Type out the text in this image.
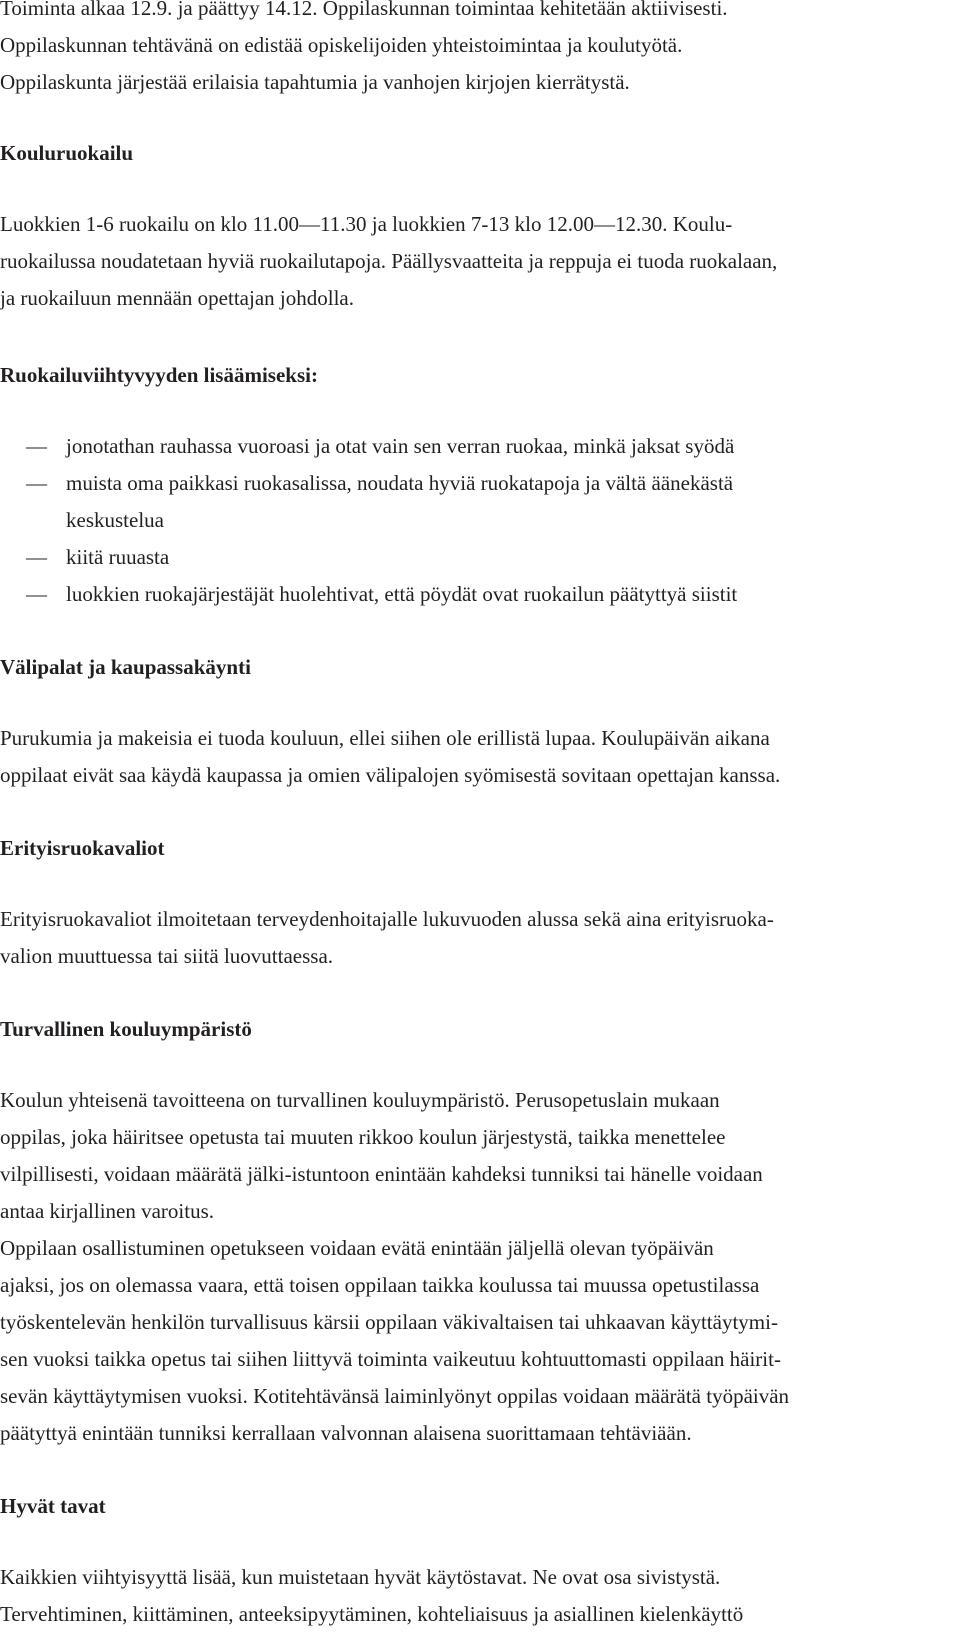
Toiminta alkaa 12.9. ja päättyy 14.12. Oppilaskunnan toimintaa kehitetään aktiivisesti.
Oppilaskunnan tehtävänä on edistää opiskelijoiden yhteistoimintaa ja koulutyötä.
Oppilaskunta järjestää erilaisia tapahtumia ja vanhojen kirjojen kierrätystä.

Kouluruokailu

Luokkien 1-6 ruokailu on klo 11.00—11.30 ja luokkien 7-13 klo 12.00—12.30. Koulu-
ruokailussa noudatetaan hyviä ruokailutapoja. Päällysvaatteita ja reppuja ei tuoda ruokalaan,
ja ruokailuun mennään opettajan johdolla.

Ruokailuviihtyvyyden lisäämiseksi:
— jonotathan rauhassa vuoroasi ja otat vain sen verran ruokaa, minkä jaksat syödä
— muista oma paikkasi ruokasalissa, noudata hyviä ruokatapoja ja vältä äänekästä
keskustelua
— kiitä ruuasta
— luokkien ruokajärjestäjät huolehtivat, että pöydät ovat ruokailun päätyttyä siistit
Välipalat ja kaupassakäynti

Purukumia ja makeisia ei tuoda kouluun, ellei siihen ole erillistä lupaa. Koulupäivän aikana
oppilaat eivät saa käydä kaupassa ja omien välipalojen syömisestä sovitaan opettajan kanssa.

Erityisruokavaliot

Erityisruokavaliot ilmoitetaan terveydenhoitajalle lukuvuoden alussa sekä aina erityisruoka-
valion muuttuessa tai siitä luovuttaessa.

Turvallinen kouluympäristö

Koulun yhteisenä tavoitteena on turvallinen kouluympäristö. Perusopetuslain mukaan
oppilas, joka häiritsee opetusta tai muuten rikkoo koulun järjestystä, taikka menettelee
vilpillisesti, voidaan määrätä jälki-istuntoon enintään kahdeksi tunniksi tai hänelle voidaan
antaa kirjallinen varoitus.
Oppilaan osallistuminen opetukseen voidaan evätä enintään jäljellä olevan työpäivän
ajaksi, jos on olemassa vaara, että toisen oppilaan taikka koulussa tai muussa opetustilassa
työskentelevän henkilön turvallisuus kärsii oppilaan väkivaltaisen tai uhkaavan käyttäytymi-
sen vuoksi taikka opetus tai siihen liittyvä toiminta vaikeutuu kohtuuttomasti oppilaan häirit-
sevän käyttäytymisen vuoksi. Kotitehtävänsä laiminlyönyt oppilas voidaan määrätä työpäivän
päätyttyä enintään tunniksi kerrallaan valvonnan alaisena suorittamaan tehtäviään.

Hyvät tavat

Kaikkien viihtyisyyttä lisää, kun muistetaan hyvät käytöstavat. Ne ovat osa sivistystä.
Tervehtiminen, kiittäminen, anteeksipyytäminen, kohteliaisuus ja asiallinen kielenkäyttö
